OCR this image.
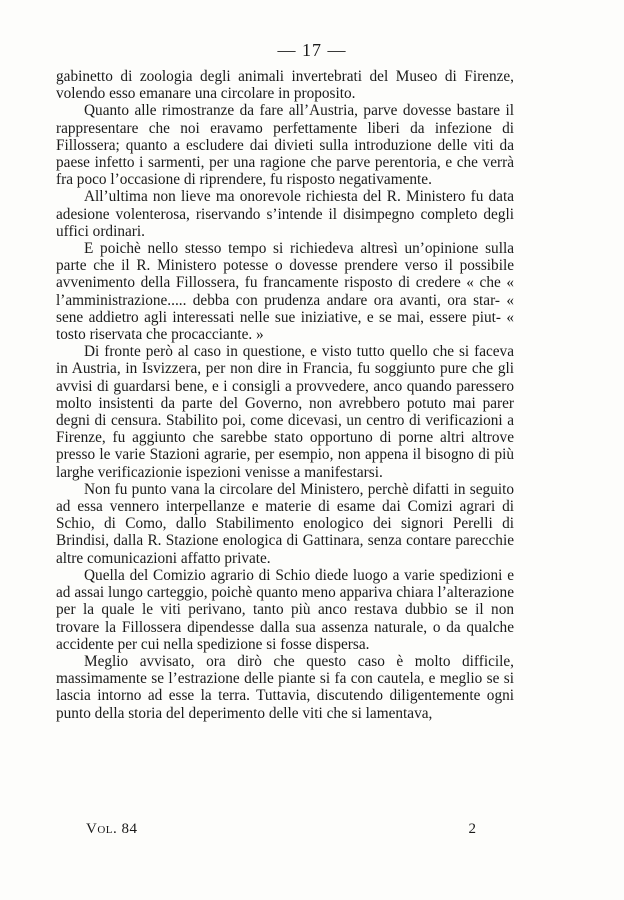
— 17 —

gabinetto di zoologia degli animali invertebrati del Museo di Firenze, volendo esso emanare una circolare in proposito.

Quanto alle rimostranze da fare all’Austria, parve dovesse bastare il rappresentare che noi eravamo perfettamente liberi da infezione di Fillossera; quanto a escludere dai divieti sulla introduzione delle viti da paese infetto i sarmenti, per una ragione che parve perentoria, e che verrà fra poco l’occasione di riprendere, fu risposto negativamente.

All’ultima non lieve ma onorevole richiesta del R. Ministero fu data adesione volenterosa, riservando s’intende il disimpegno completo degli uffici ordinari.

E poichè nello stesso tempo si richiedeva altresì un’opinione sulla parte che il R. Ministero potesse o dovesse prendere verso il possibile avvenimento della Fillossera, fu francamente risposto di credere « che « l’amministrazione..... debba con prudenza andare ora avanti, ora star- « sene addietro agli interessati nelle sue iniziative, e se mai, essere piut- « tosto riservata che procacciante. »

Di fronte però al caso in questione, e visto tutto quello che si faceva in Austria, in Isvizzera, per non dire in Francia, fu soggiunto pure che gli avvisi di guardarsi bene, e i consigli a provvedere, anco quando paressero molto insistenti da parte del Governo, non avrebbero potuto mai parer degni di censura. Stabilito poi, come dicevasi, un centro di verificazioni a Firenze, fu aggiunto che sarebbe stato opportuno di porne altri altrove presso le varie Stazioni agrarie, per esempio, non appena il bisogno di più larghe verificazionie ispezioni venisse a manifestarsi.

Non fu punto vana la circolare del Ministero, perchè difatti in seguito ad essa vennero interpellanze e materie di esame dai Comizi agrari di Schio, di Como, dallo Stabilimento enologico dei signori Perelli di Brindisi, dalla R. Stazione enologica di Gattinara, senza contare parecchie altre comunicazioni affatto private.

Quella del Comizio agrario di Schio diede luogo a varie spedizioni e ad assai lungo carteggio, poichè quanto meno appariva chiara l’alterazione per la quale le viti perivano, tanto più anco restava dubbio se il non trovare la Fillossera dipendesse dalla sua assenza naturale, o da qualche accidente per cui nella spedizione si fosse dispersa.

Meglio avvisato, ora dirò che questo caso è molto difficile, massimamente se l’estrazione delle piante si fa con cautela, e meglio se si lascia intorno ad esse la terra. Tuttavia, discutendo diligentemente ogni punto della storia del deperimento delle viti che si lamentava,

Vol. 84	2
